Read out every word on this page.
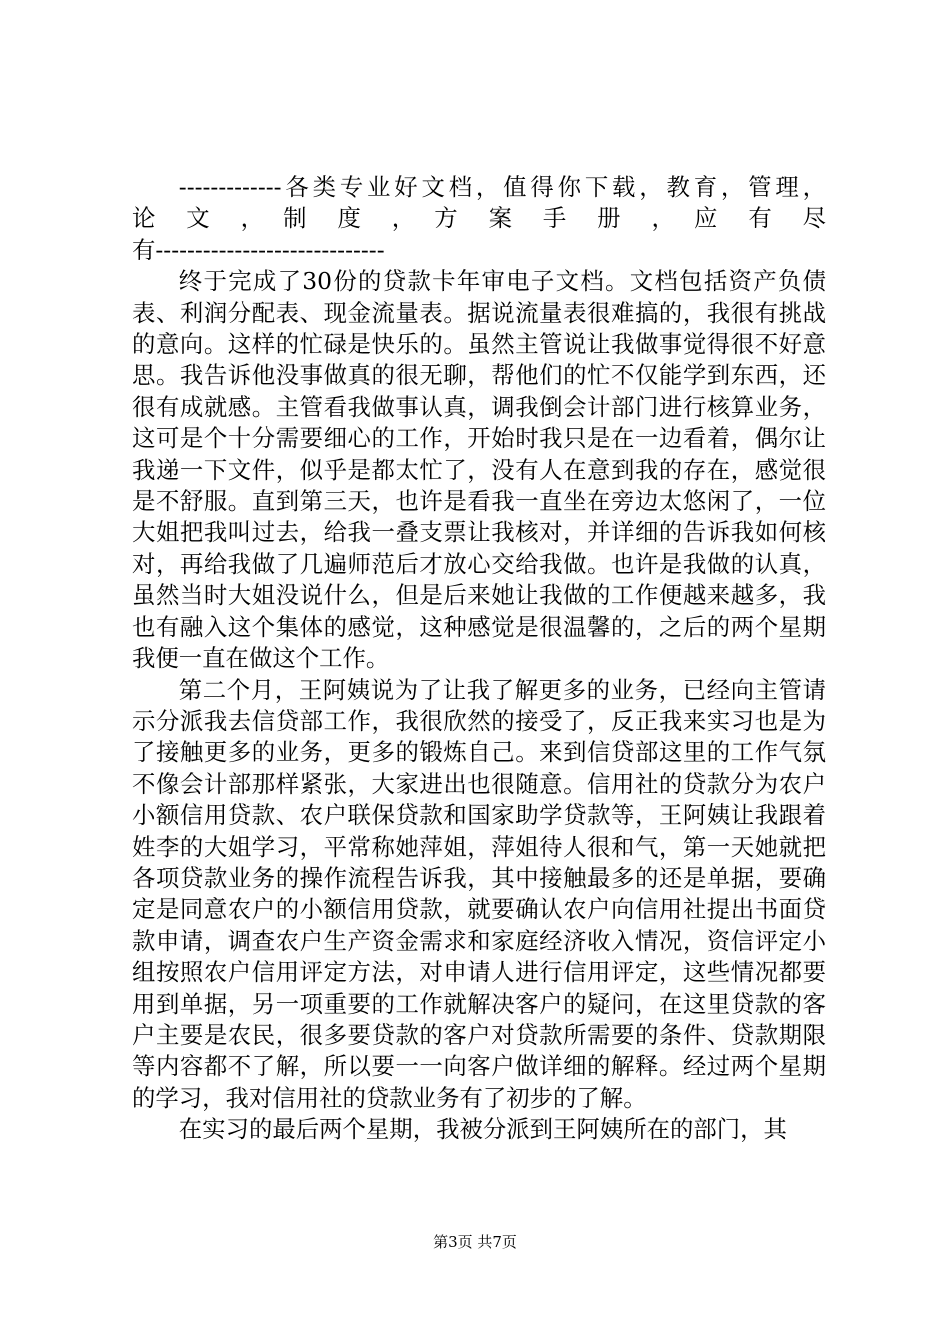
-------------各类专业好文档，值得你下载，教育，管理，
论　文　，　制　度　，　方　案　手　册　，　应　有　尽
有-----------------------------

终于完成了30份的贷款卡年审电子文档。文档包括资产负债表、利润分配表、现金流量表。据说流量表很难搞的，我很有挑战的意向。这样的忙碌是快乐的。虽然主管说让我做事觉得很不好意思。我告诉他没事做真的很无聊，帮他们的忙不仅能学到东西，还很有成就感。主管看我做事认真，调我倒会计部门进行核算业务，这可是个十分需要细心的工作，开始时我只是在一边看着，偶尔让我递一下文件，似乎是都太忙了，没有人在意到我的存在，感觉很是不舒服。直到第三天，也许是看我一直坐在旁边太悠闲了，一位大姐把我叫过去，给我一叠支票让我核对，并详细的告诉我如何核对，再给我做了几遍师范后才放心交给我做。也许是我做的认真，虽然当时大姐没说什么，但是后来她让我做的工作便越来越多，我也有融入这个集体的感觉，这种感觉是很温馨的，之后的两个星期我便一直在做这个工作。

第二个月，王阿姨说为了让我了解更多的业务，已经向主管请示分派我去信贷部工作，我很欣然的接受了，反正我来实习也是为了接触更多的业务，更多的锻炼自己。来到信贷部这里的工作气氛不像会计部那样紧张，大家进出也很随意。信用社的贷款分为农户小额信用贷款、农户联保贷款和国家助学贷款等，王阿姨让我跟着姓李的大姐学习，平常称她萍姐，萍姐待人很和气，第一天她就把各项贷款业务的操作流程告诉我，其中接触最多的还是单据，要确定是同意农户的小额信用贷款，就要确认农户向信用社提出书面贷款申请，调查农户生产资金需求和家庭经济收入情况，资信评定小组按照农户信用评定方法，对申请人进行信用评定，这些情况都要用到单据，另一项重要的工作就解决客户的疑问，在这里贷款的客户主要是农民，很多要贷款的客户对贷款所需要的条件、贷款期限等内容都不了解，所以要一一向客户做详细的解释。经过两个星期的学习，我对信用社的贷款业务有了初步的了解。

在实习的最后两个星期，我被分派到王阿姨所在的部门，其

第3页 共7页
